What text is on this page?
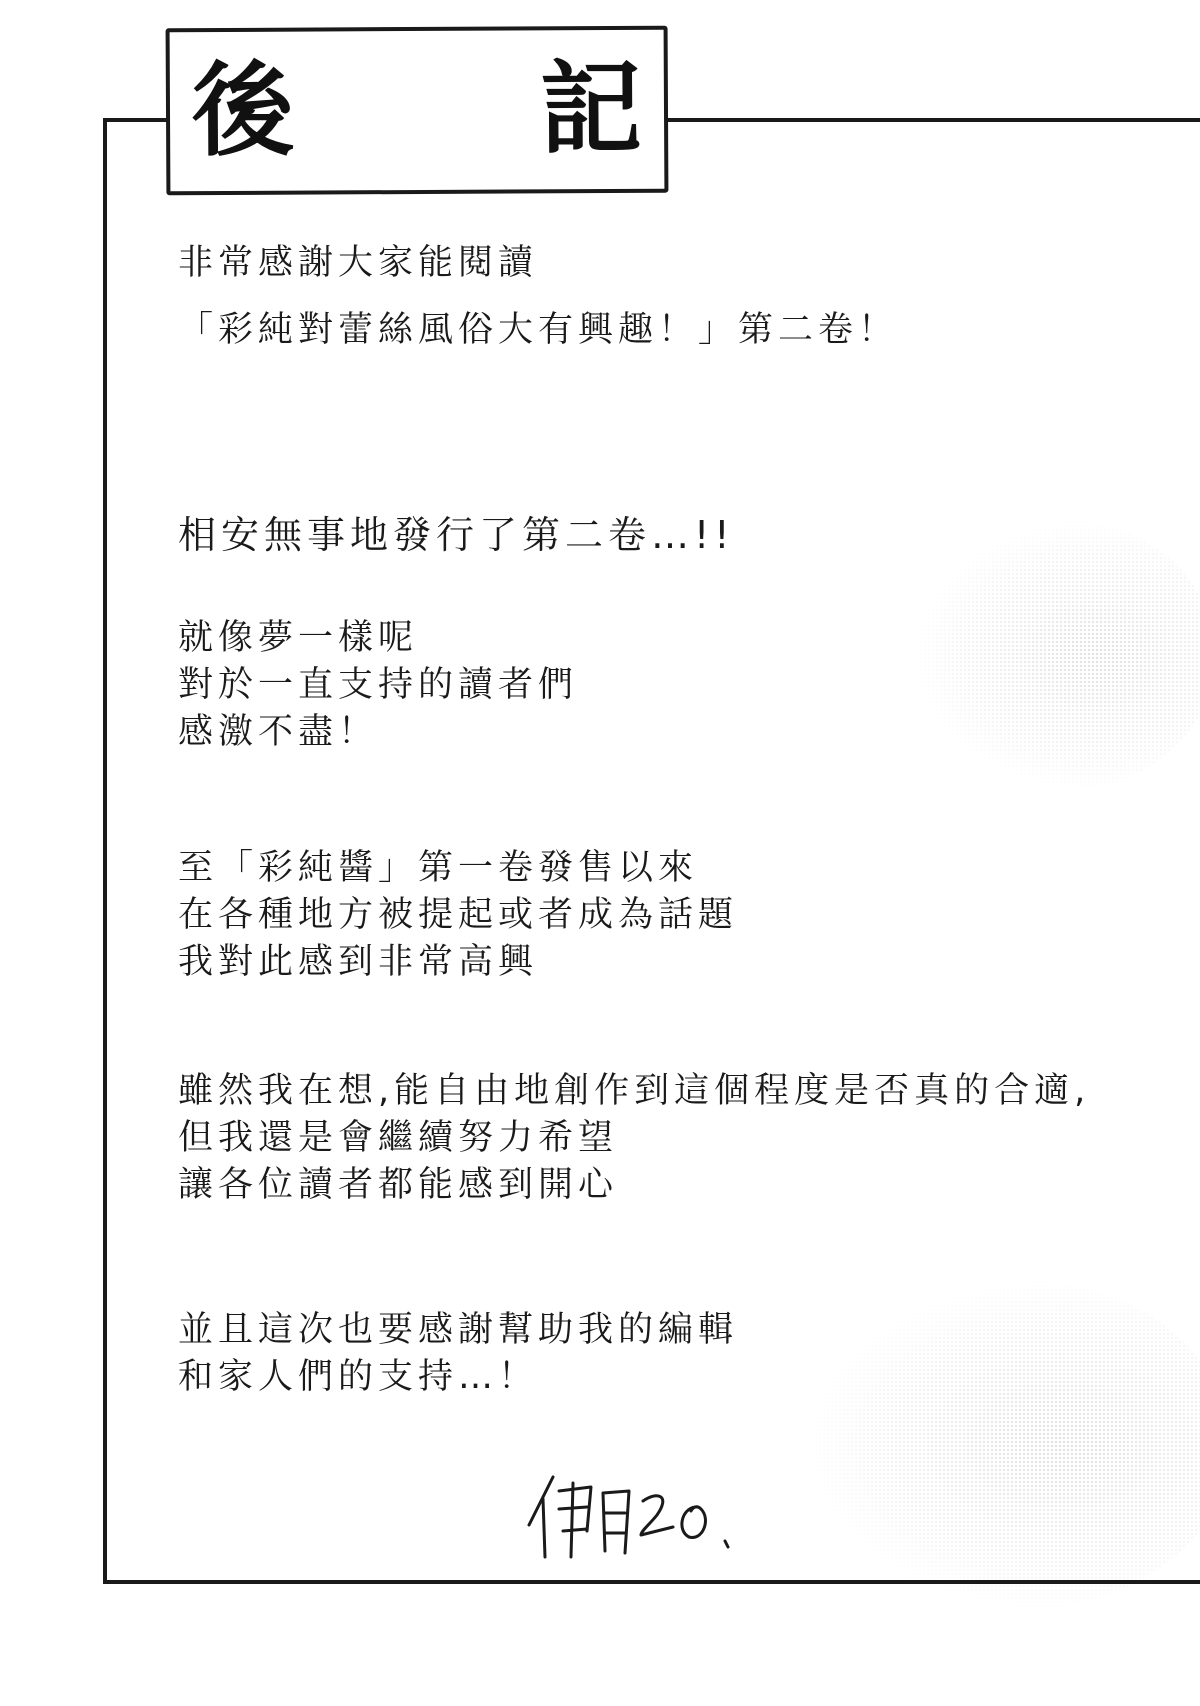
後　記
非常感謝大家能閱讀
「彩純對蕾絲風俗大有興趣！」第二卷！
相安無事地發行了第二卷…!!
就像夢一樣呢
對於一直支持的讀者們
感激不盡！
至「彩純醬」第一卷發售以來
在各種地方被提起或者成為話題
我對此感到非常高興
雖然我在想,能自由地創作到這個程度是否真的合適,
但我還是會繼續努力希望
讓各位讀者都能感到開心
並且這次也要感謝幫助我的編輯
和家人們的支持…！
